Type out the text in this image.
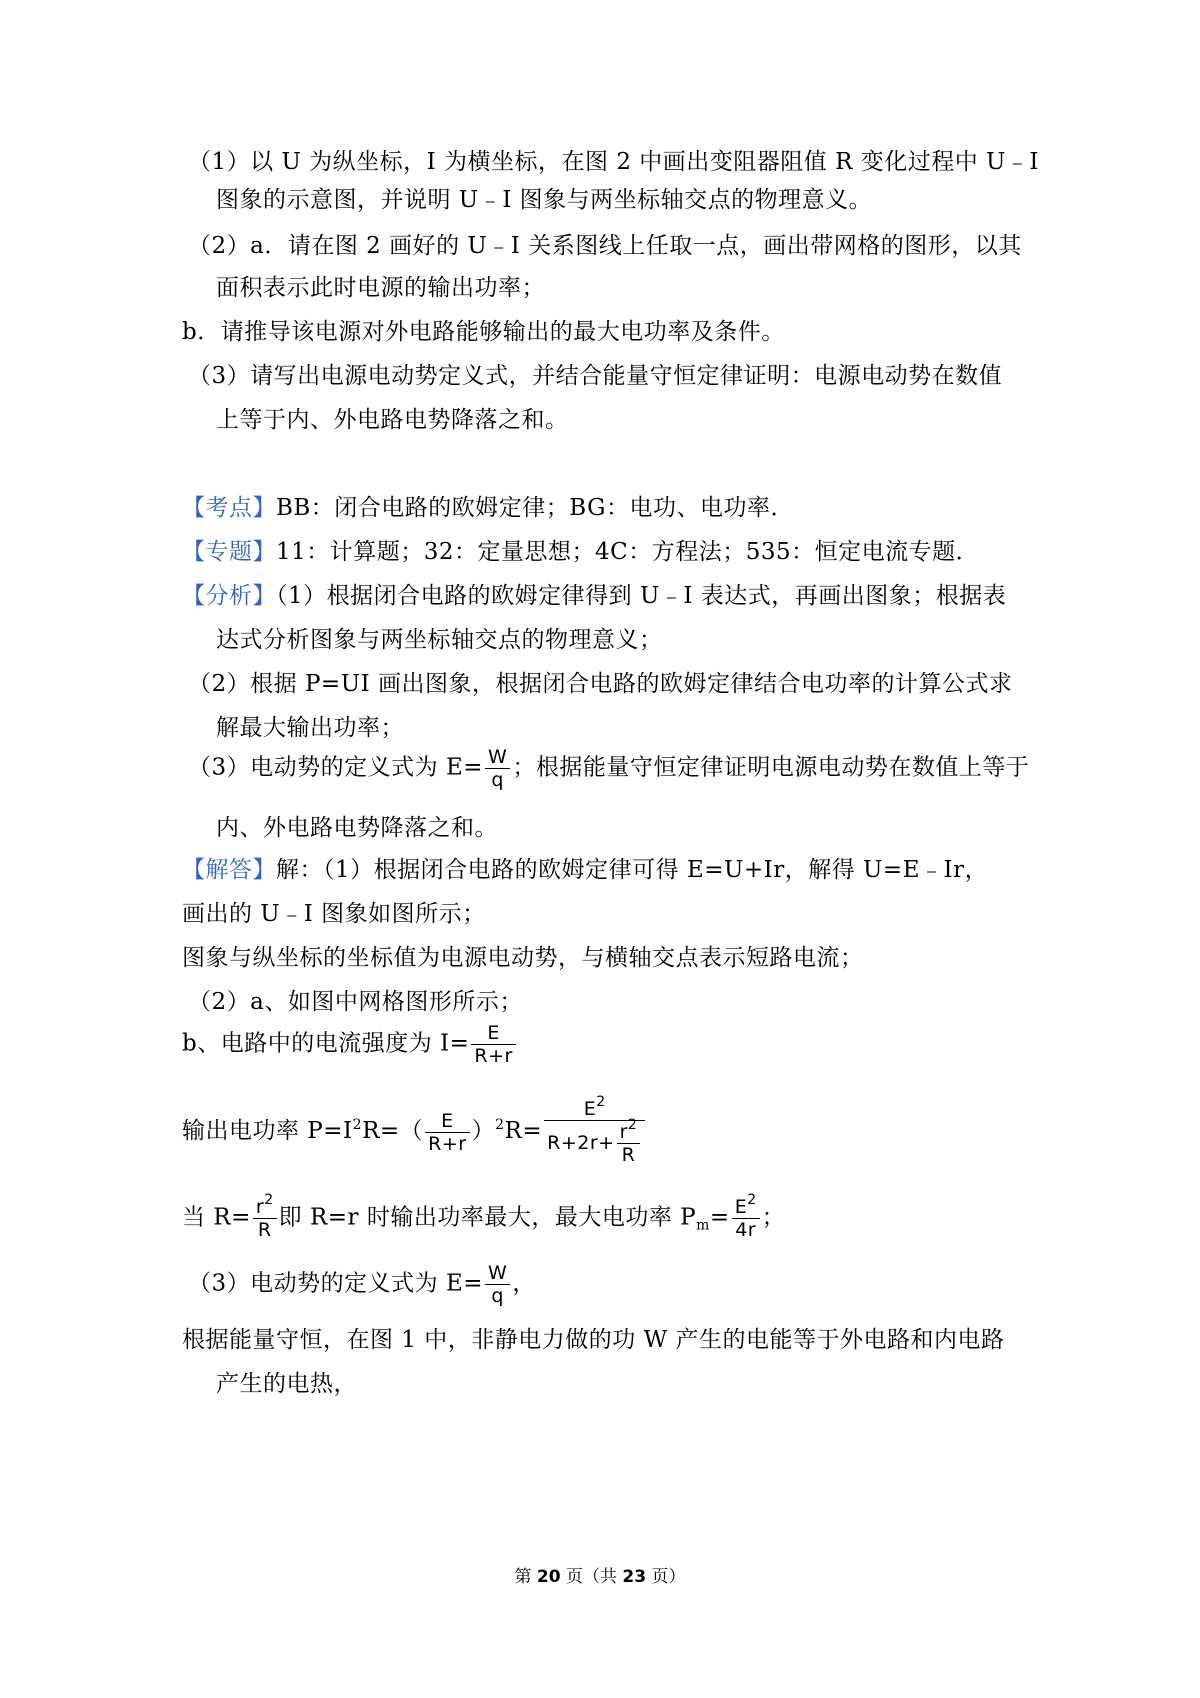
（1）以 U 为纵坐标，I 为横坐标，在图 2 中画出变阻器阻值 R 变化过程中 U﹣I
图象的示意图，并说明 U﹣I 图象与两坐标轴交点的物理意义。
（2）a．请在图 2 画好的 U﹣I 关系图线上任取一点，画出带网格的图形，以其
面积表示此时电源的输出功率；
b．请推导该电源对外电路能够输出的最大电功率及条件。
（3）请写出电源电动势定义式，并结合能量守恒定律证明：电源电动势在数值
上等于内、外电路电势降落之和。
【考点】BB：闭合电路的欧姆定律；BG：电功、电功率．
【专题】11：计算题；32：定量思想；4C：方程法；535：恒定电流专题．
【分析】（1）根据闭合电路的欧姆定律得到 U﹣I 表达式，再画出图象；根据表
达式分析图象与两坐标轴交点的物理意义；
（2）根据 P=UI 画出图象，根据闭合电路的欧姆定律结合电功率的计算公式求
解最大输出功率；
（3）电动势的定义式为 $E= \frac{W}{q}$ ；根据能量守恒定律证明电源电动势在数值上等于
内、外电路电势降落之和。
【解答】解：（1）根据闭合电路的欧姆定律可得 E=U+Ir，解得 U=E﹣Ir，
画出的 U﹣I 图象如图所示；
图象与纵坐标的坐标值为电源电动势，与横轴交点表示短路电流；
（2）a、如图中网格图形所示；
b、电路中的电流强度为 $I= \frac{E}{R+r}$
输出电功率 $P=I^2R=( \frac{E}{R+r} )^2R= \frac{E^2}{R+2r+ \frac{r^2}{R}}$
当 $R= \frac{r^2}{R}$ 即 R=r 时输出功率最大，最大电功率 $P_m= \frac{E^2}{4r}$ ；
（3）电动势的定义式为 $E= \frac{W}{q}$ ，
根据能量守恒，在图 1 中，非静电力做的功 W 产生的电能等于外电路和内电路
产生的电热，
第 20 页（共 23 页）
